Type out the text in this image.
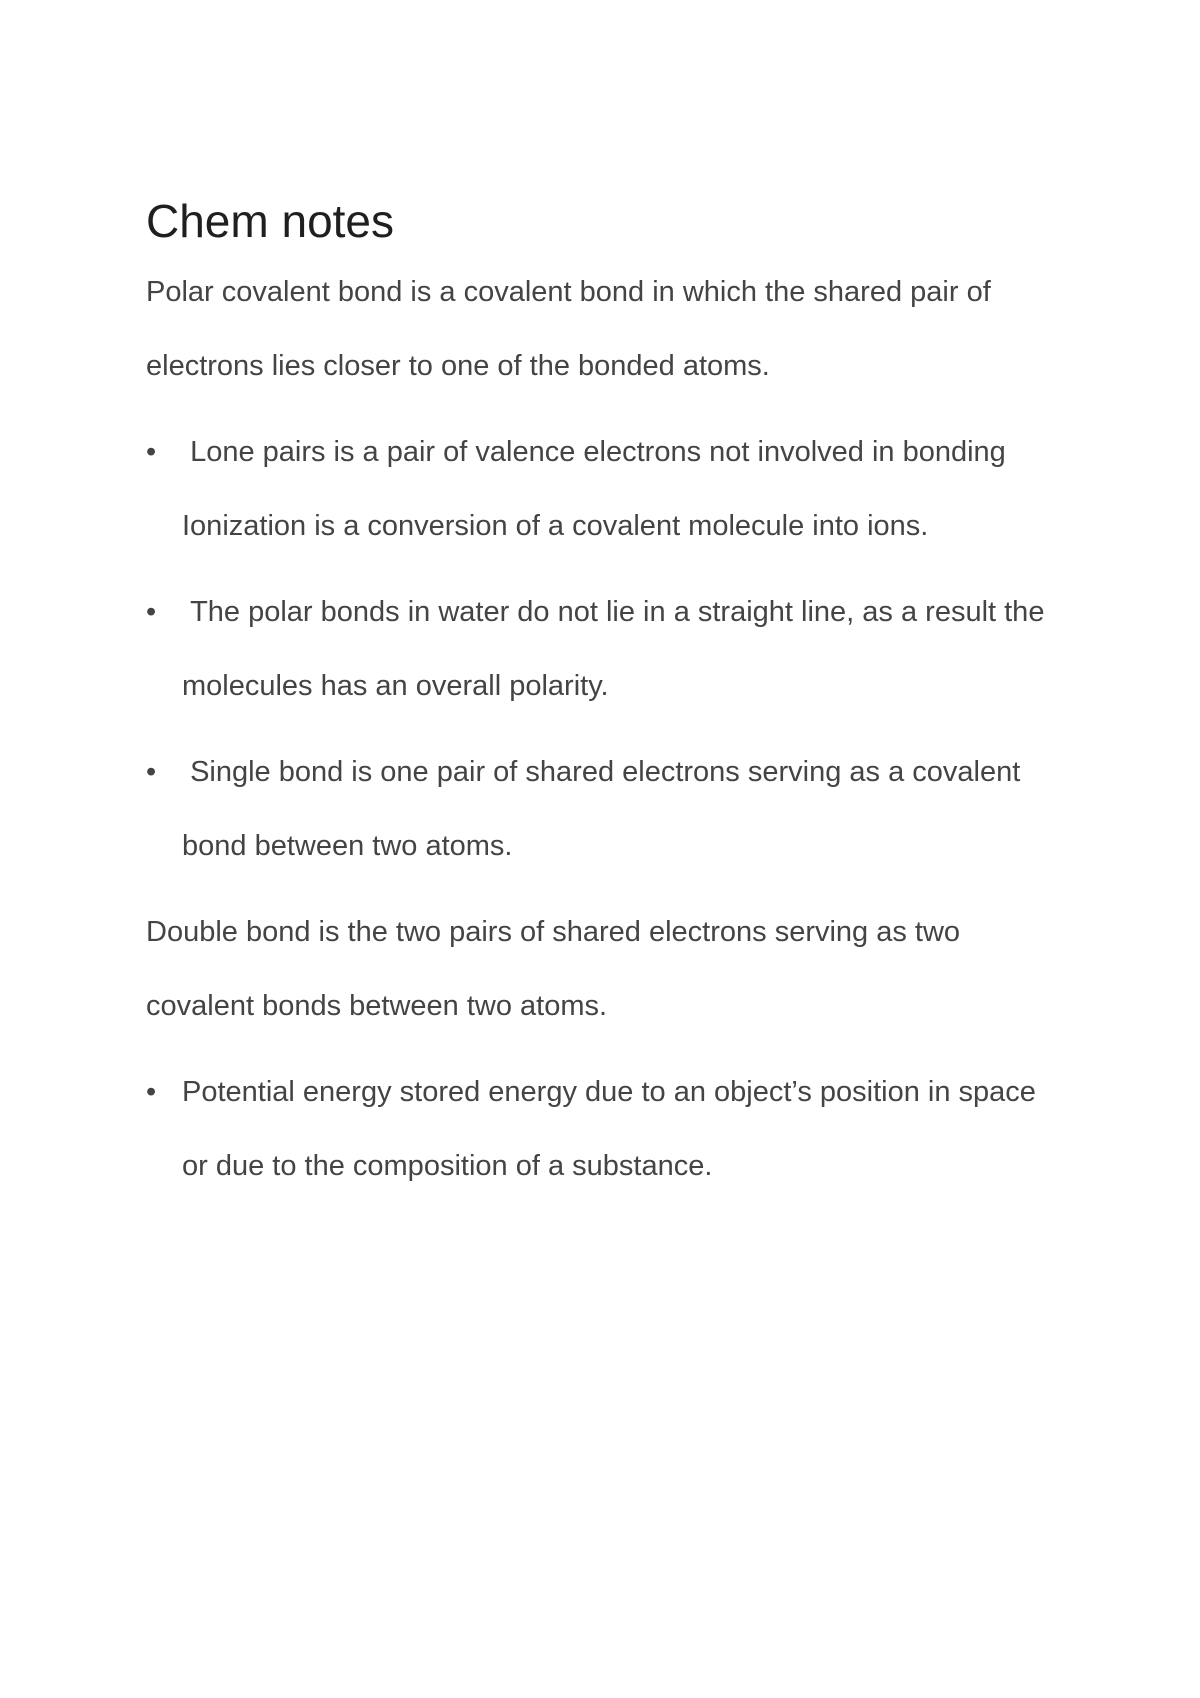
Chem notes

Polar covalent bond is a covalent bond in which the shared pair of electrons lies closer to one of the bonded atoms.

• Lone pairs is a pair of valence electrons not involved in bonding  Ionization is a conversion of a covalent molecule into ions.
• The polar bonds in water do not lie in a straight line, as a result the molecules has an overall polarity.
• Single bond is one pair of shared electrons serving as a covalent bond between two atoms.

Double bond is the two pairs of shared electrons serving as two covalent bonds between two atoms.

• Potential energy stored energy due to an object’s position in space or due to the composition of a substance.
